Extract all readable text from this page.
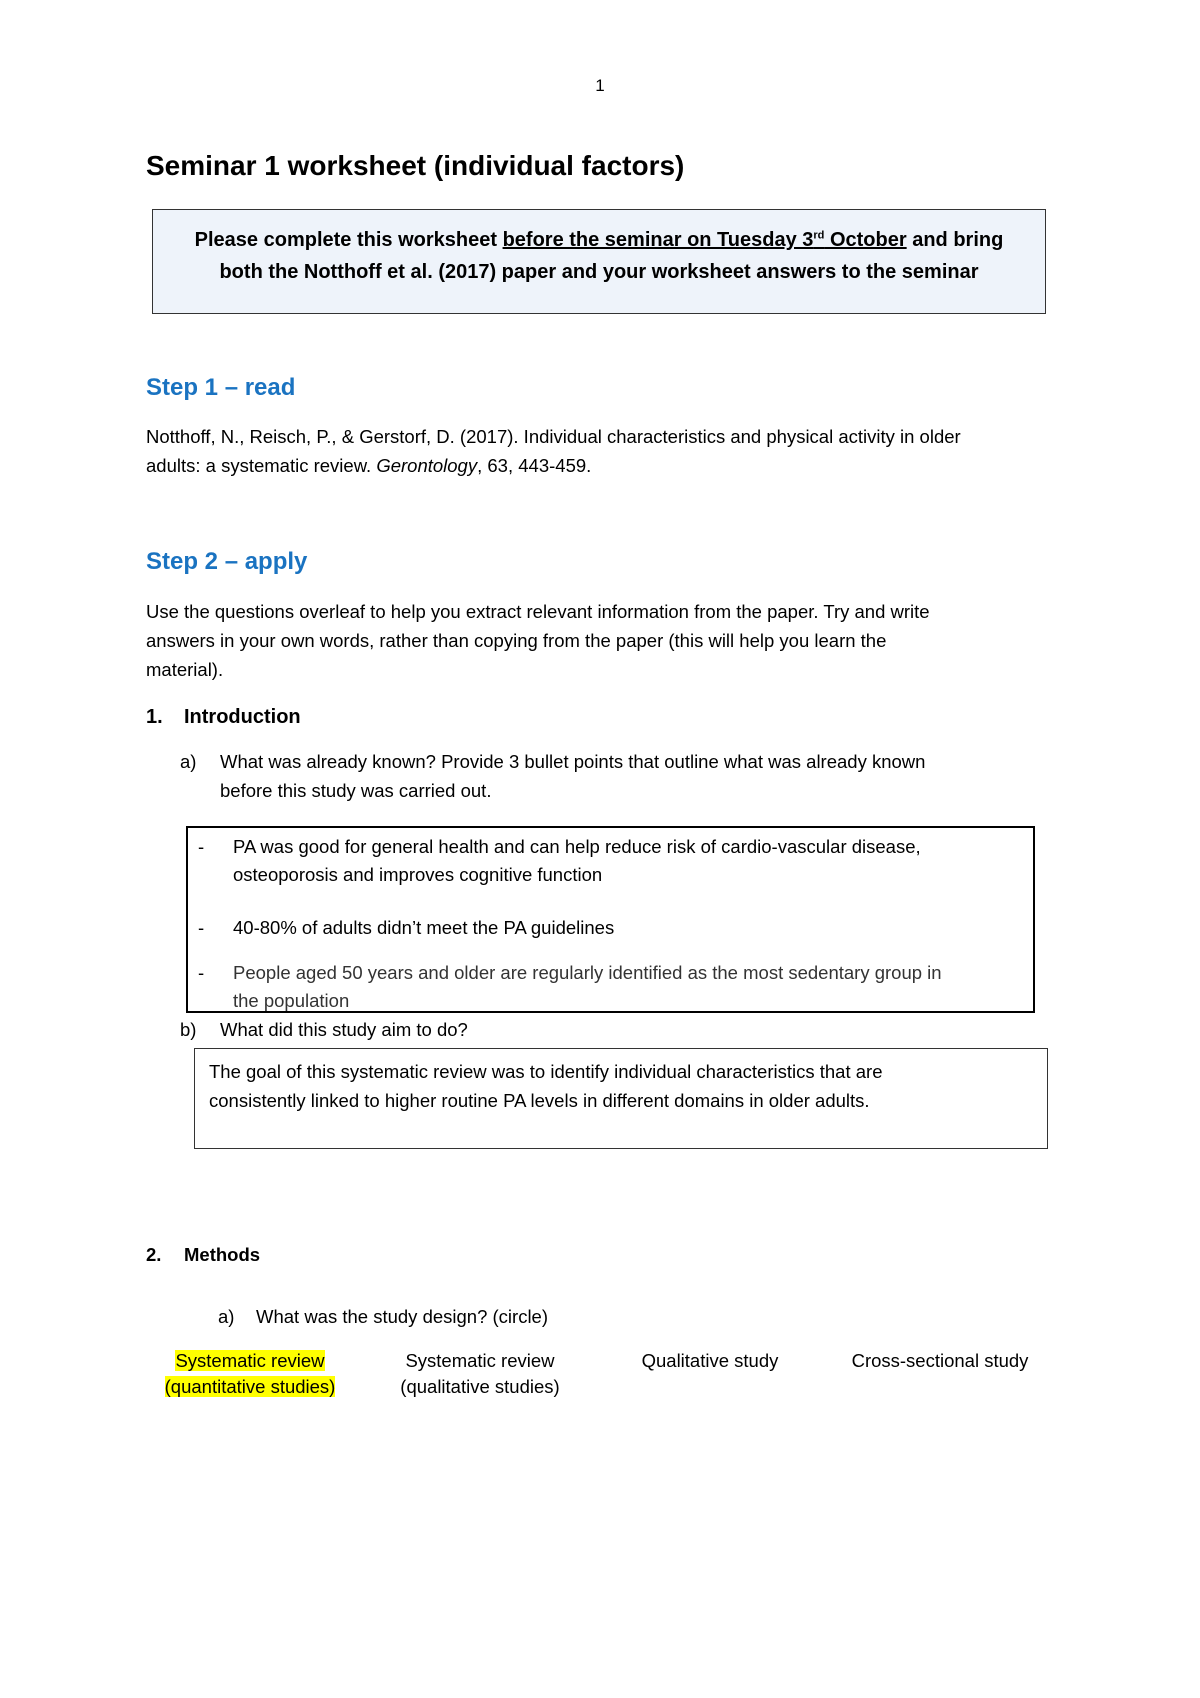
1
Seminar 1 worksheet (individual factors)
Please complete this worksheet before the seminar on Tuesday 3rd October and bring
both the Notthoff et al. (2017) paper and your worksheet answers to the seminar
Step 1 – read
Notthoff, N., Reisch, P., & Gerstorf, D. (2017). Individual characteristics and physical activity in older
adults: a systematic review. Gerontology, 63, 443-459.
Step 2 – apply
Use the questions overleaf to help you extract relevant information from the paper. Try and write
answers in your own words, rather than copying from the paper (this will help you learn the
material).
1. Introduction
a) What was already known? Provide 3 bullet points that outline what was already known
before this study was carried out.
- PA was good for general health and can help reduce risk of cardio-vascular disease,
osteoporosis and improves cognitive function
- 40-80% of adults didn’t meet the PA guidelines
- People aged 50 years and older are regularly identified as the most sedentary group in
the population
b) What did this study aim to do?
The goal of this systematic review was to identify individual characteristics that are
consistently linked to higher routine PA levels in different domains in older adults.
2. Methods
a) What was the study design? (circle)
Systematic review
(quantitative studies)
Systematic review
(qualitative studies)
Qualitative study	Cross-sectional study
